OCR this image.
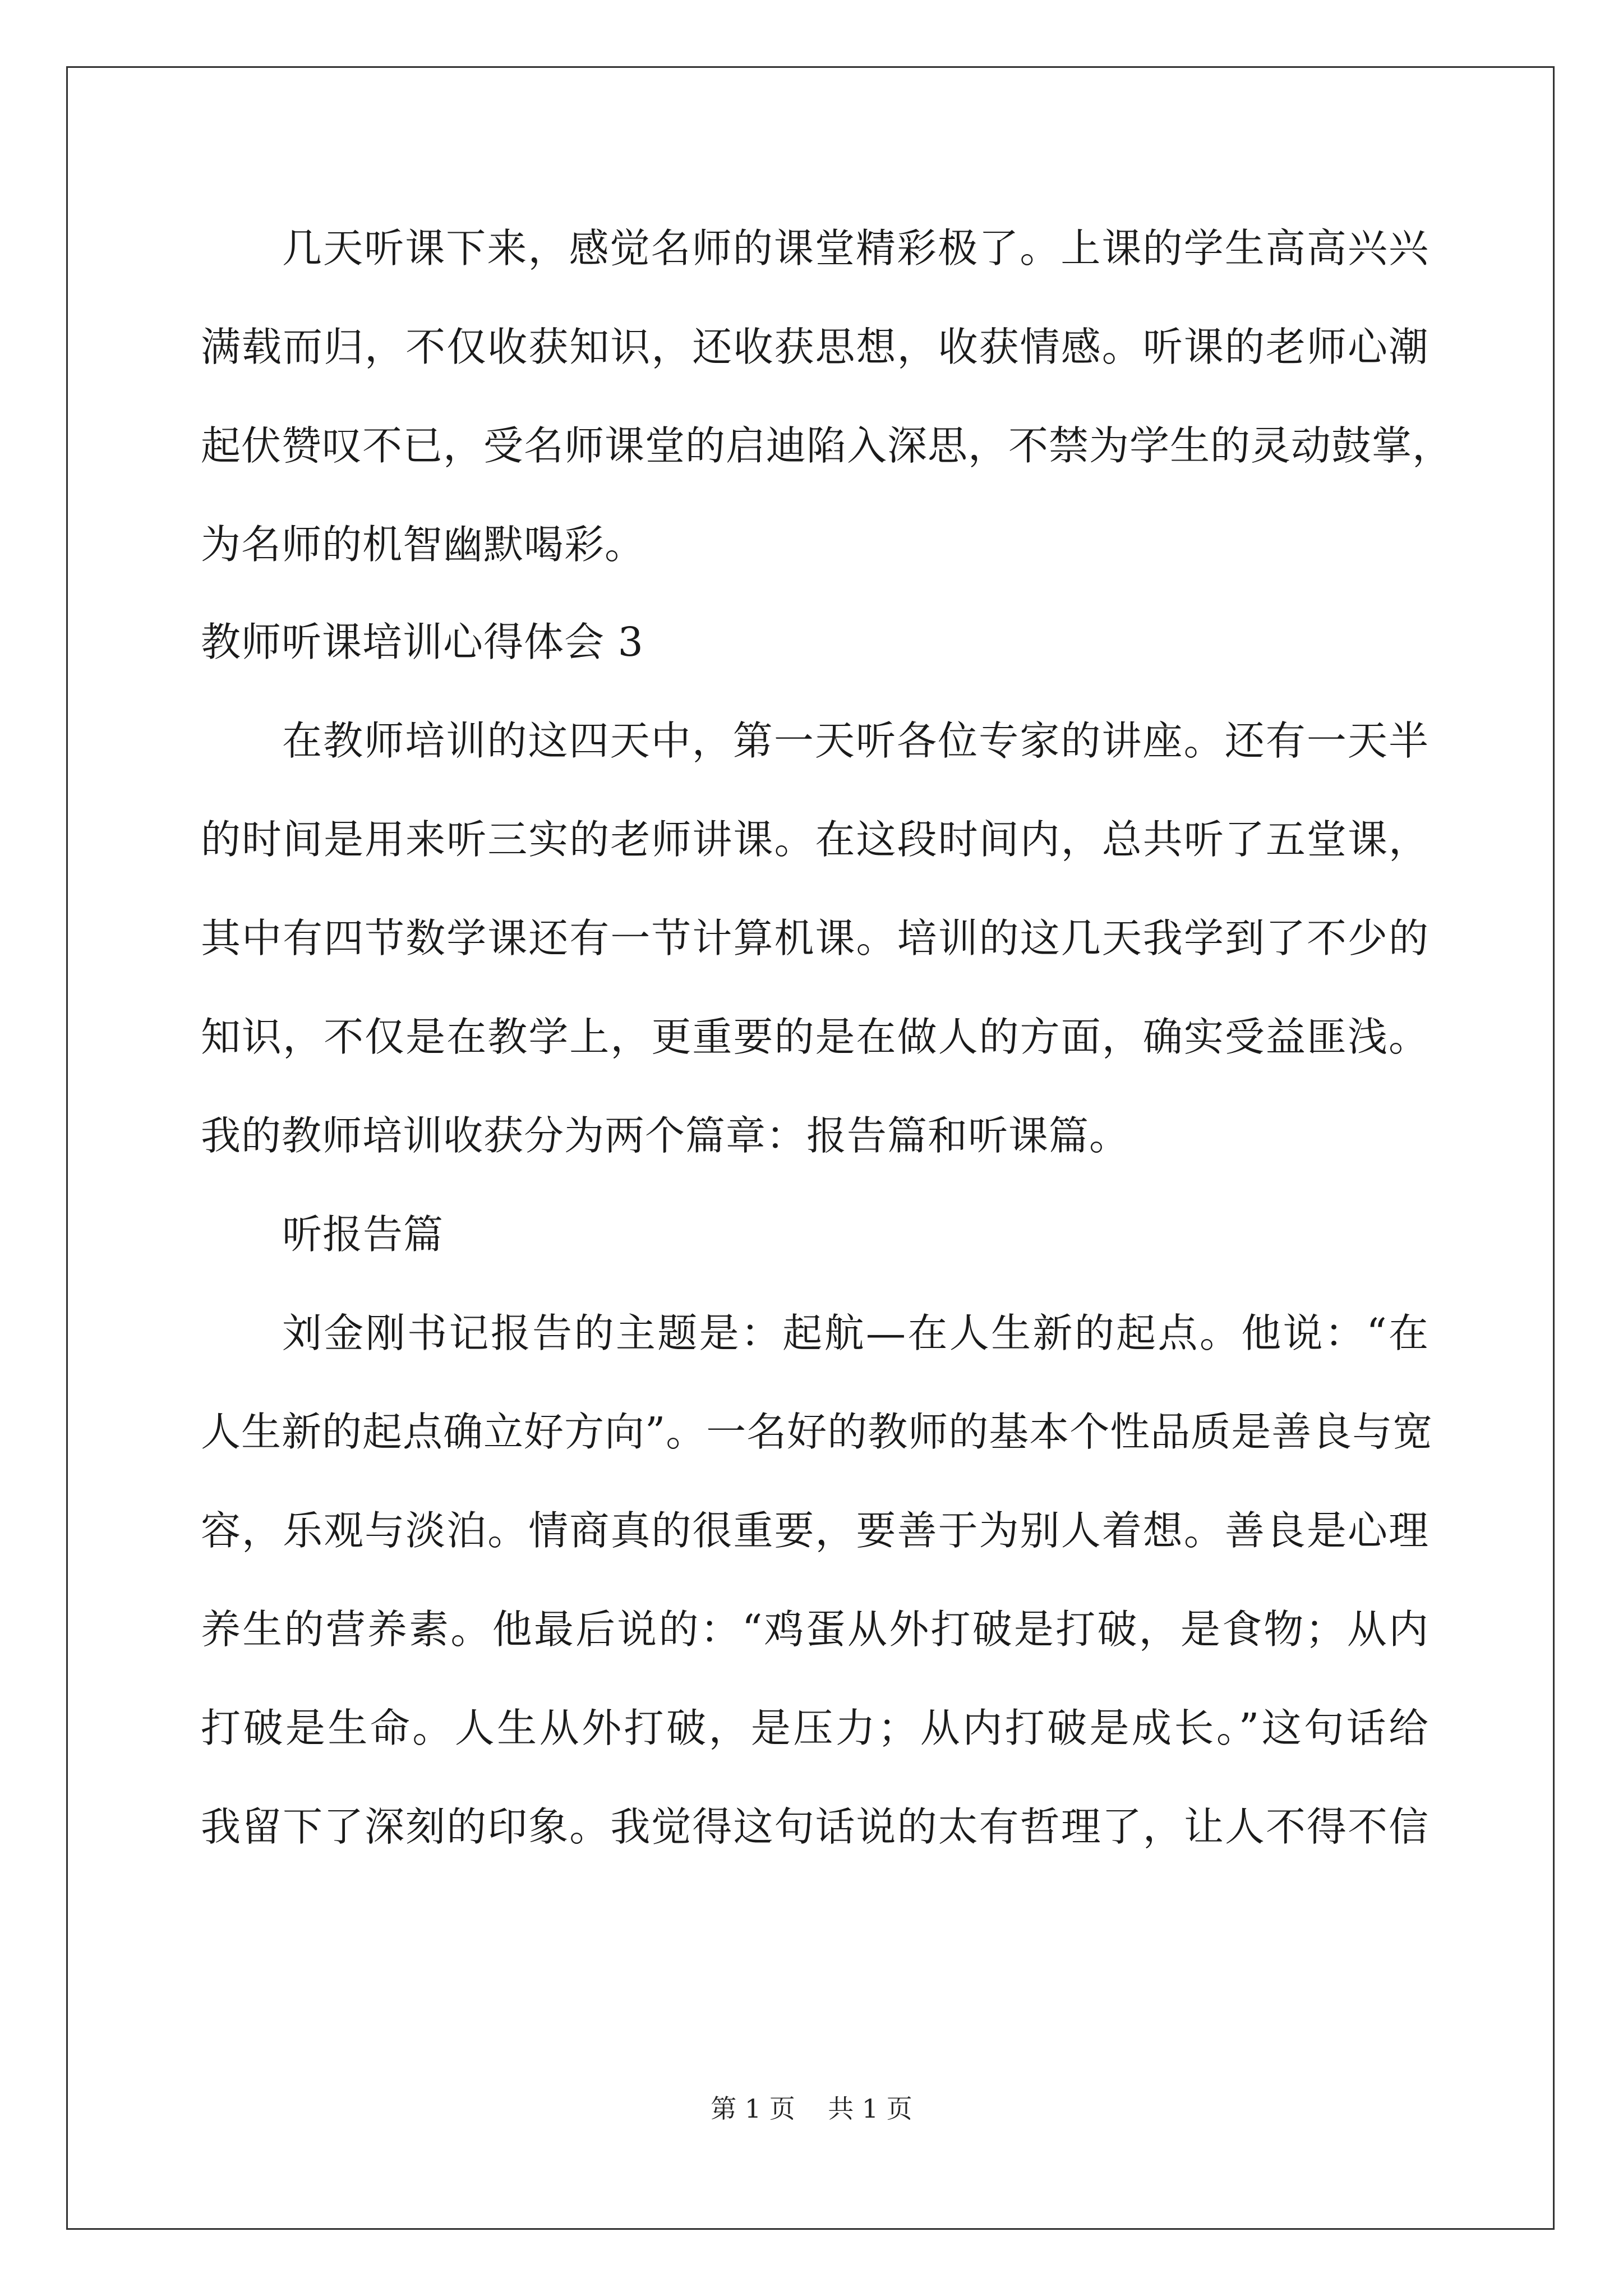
几天听课下来，感觉名师的课堂精彩极了。上课的学生高高兴兴
满载而归，不仅收获知识，还收获思想，收获情感。听课的老师心潮
起伏赞叹不已，受名师课堂的启迪陷入深思，不禁为学生的灵动鼓掌，
为名师的机智幽默喝彩。
教师听课培训心得体会 3
在教师培训的这四天中，第一天听各位专家的讲座。还有一天半
的时间是用来听三实的老师讲课。在这段时间内，总共听了五堂课，
其中有四节数学课还有一节计算机课。培训的这几天我学到了不少的
知识，不仅是在教学上，更重要的是在做人的方面，确实受益匪浅。
我的教师培训收获分为两个篇章：报告篇和听课篇。
听报告篇
刘金刚书记报告的主题是：起航—在人生新的起点。他说：“在
人生新的起点确立好方向”。一名好的教师的基本个性品质是善良与宽
容，乐观与淡泊。情商真的很重要，要善于为别人着想。善良是心理
养生的营养素。他最后说的：“鸡蛋从外打破是打破，是食物；从内
打破是生命。人生从外打破，是压力；从内打破是成长。”这句话给
我留下了深刻的印象。我觉得这句话说的太有哲理了，让人不得不信
第 1 页    共 1 页
